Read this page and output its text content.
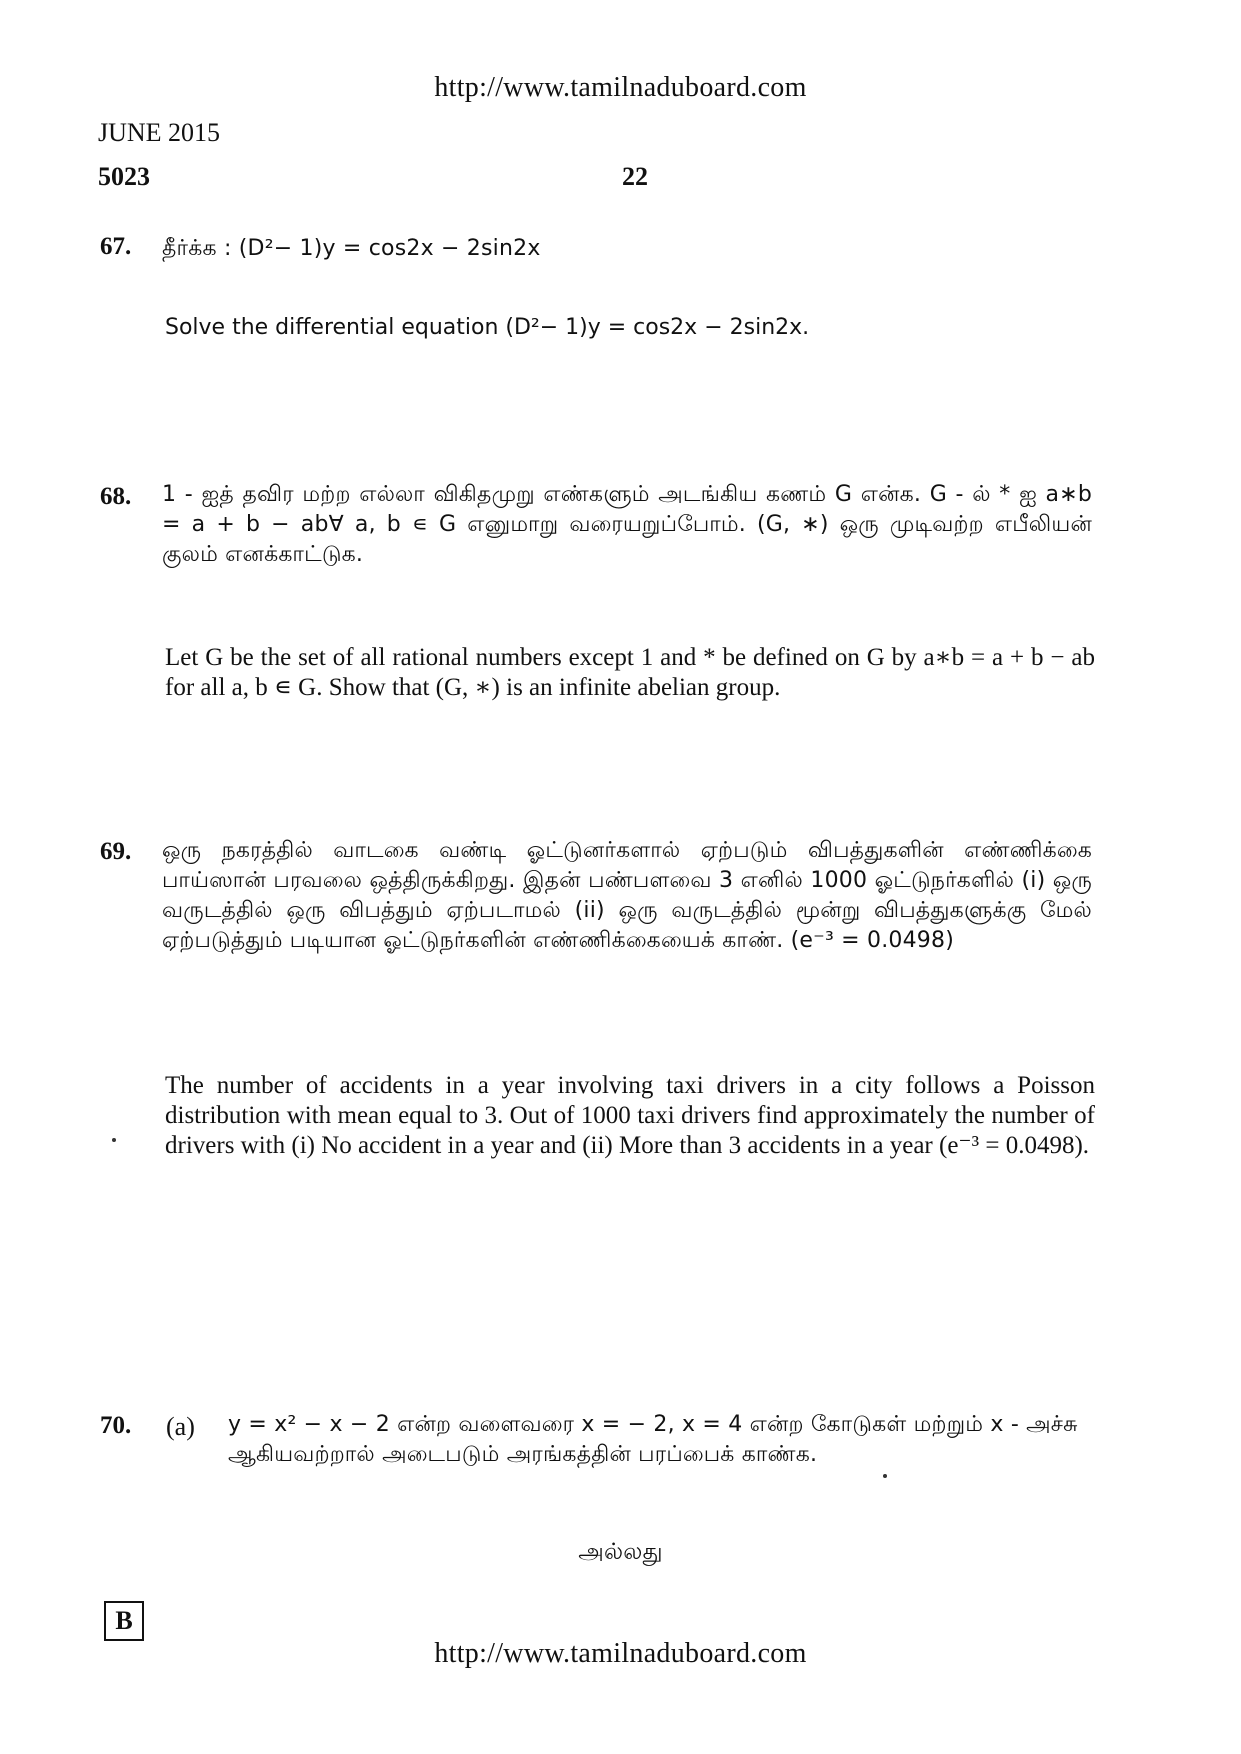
http://www.tamilnaduboard.com
JUNE 2015
5023	22
67. தீர்க்க : (D²− 1)y = cos2x − 2sin2x
Solve the differential equation (D²− 1)y = cos2x − 2sin2x.
68. 1 - ஐத் தவிர மற்ற எல்லா விகிதமுறு எண்களும் அடங்கிய கணம் G என்க. G - ல் * ஐ a∗b = a + b − ab∀ a, b ∊ G எனுமாறு வரையறுப்போம். (G, ∗) ஒரு முடிவற்ற எபீலியன் குலம் எனக்காட்டுக.
Let G be the set of all rational numbers except 1 and * be defined on G by a∗b = a + b − ab for all a, b ∊ G. Show that (G, ∗) is an infinite abelian group.
69. ஒரு நகரத்தில் வாடகை வண்டி ஓட்டுனர்களால் ஏற்படும் விபத்துகளின் எண்ணிக்கை பாய்ஸான் பரவலை ஒத்திருக்கிறது. இதன் பண்பளவை 3 எனில் 1000 ஓட்டுநர்களில் (i) ஒரு வருடத்தில் ஒரு விபத்தும் ஏற்படாமல் (ii) ஒரு வருடத்தில் மூன்று விபத்துகளுக்கு மேல் ஏற்படுத்தும் படியான ஓட்டுநர்களின் எண்ணிக்கையைக் காண். (e⁻³ = 0.0498)
The number of accidents in a year involving taxi drivers in a city follows a Poisson distribution with mean equal to 3. Out of 1000 taxi drivers find approximately the number of drivers with (i) No accident in a year and (ii) More than 3 accidents in a year (e⁻³ = 0.0498).
70. (a) y = x² − x − 2 என்ற வளைவரை x = − 2, x = 4 என்ற கோடுகள் மற்றும் x - அச்சு ஆகியவற்றால் அடைபடும் அரங்கத்தின் பரப்பைக் காண்க.
அல்லது
B
http://www.tamilnaduboard.com
